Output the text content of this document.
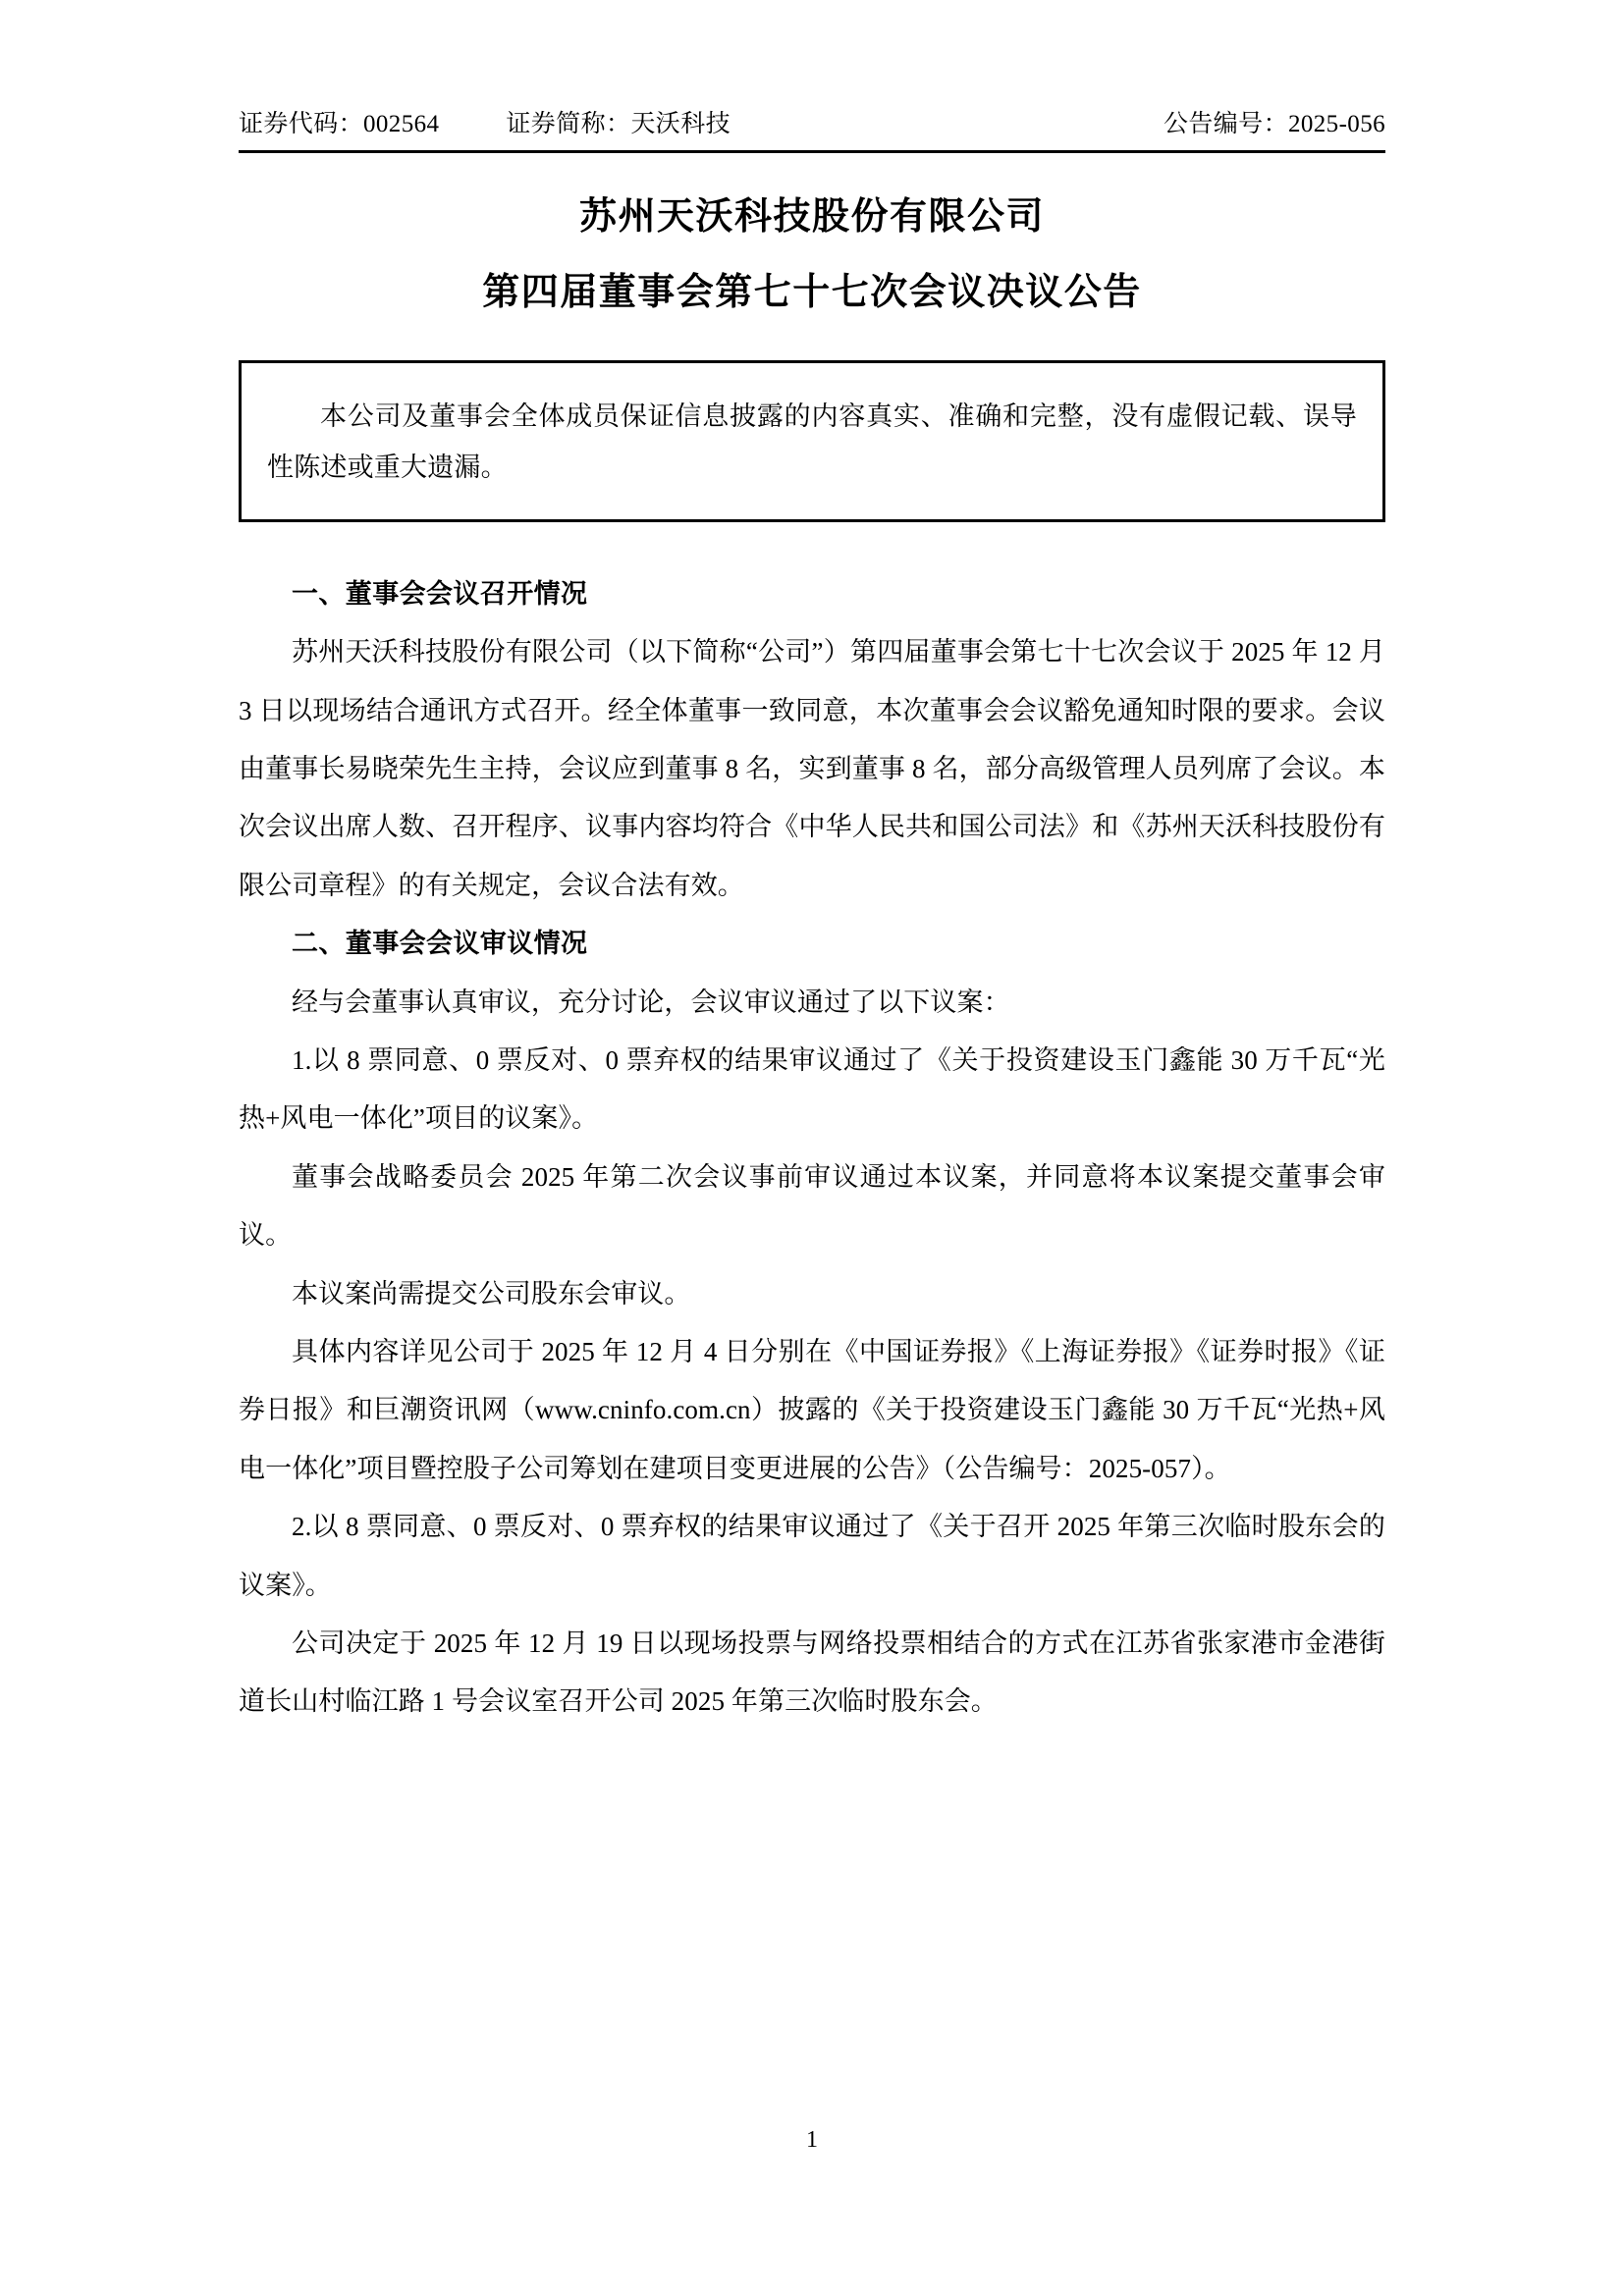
证券代码：002564	证券简称：天沃科技	公告编号：2025-056
苏州天沃科技股份有限公司
第四届董事会第七十七次会议决议公告

本公司及董事会全体成员保证信息披露的内容真实、准确和完整，没有虚假记载、误导性陈述或重大遗漏。

一、董事会会议召开情况

苏州天沃科技股份有限公司（以下简称“公司”）第四届董事会第七十七次会议于 2025 年 12 月 3 日以现场结合通讯方式召开。经全体董事一致同意，本次董事会会议豁免通知时限的要求。会议由董事长易晓荣先生主持，会议应到董事 8 名，实到董事 8 名，部分高级管理人员列席了会议。本次会议出席人数、召开程序、议事内容均符合《中华人民共和国公司法》和《苏州天沃科技股份有限公司章程》的有关规定，会议合法有效。

二、董事会会议审议情况

经与会董事认真审议，充分讨论，会议审议通过了以下议案：

1.以 8 票同意、0 票反对、0 票弃权的结果审议通过了《关于投资建设玉门鑫能 30 万千瓦“光热+风电一体化”项目的议案》。

董事会战略委员会 2025 年第二次会议事前审议通过本议案，并同意将本议案提交董事会审议。

本议案尚需提交公司股东会审议。

具体内容详见公司于 2025 年 12 月 4 日分别在《中国证券报》《上海证券报》《证券时报》《证券日报》和巨潮资讯网（www.cninfo.com.cn）披露的《关于投资建设玉门鑫能 30 万千瓦“光热+风电一体化”项目暨控股子公司筹划在建项目变更进展的公告》（公告编号：2025-057）。

2.以 8 票同意、0 票反对、0 票弃权的结果审议通过了《关于召开 2025 年第三次临时股东会的议案》。

公司决定于 2025 年 12 月 19 日以现场投票与网络投票相结合的方式在江苏省张家港市金港街道长山村临江路 1 号会议室召开公司 2025 年第三次临时股东会。

1
